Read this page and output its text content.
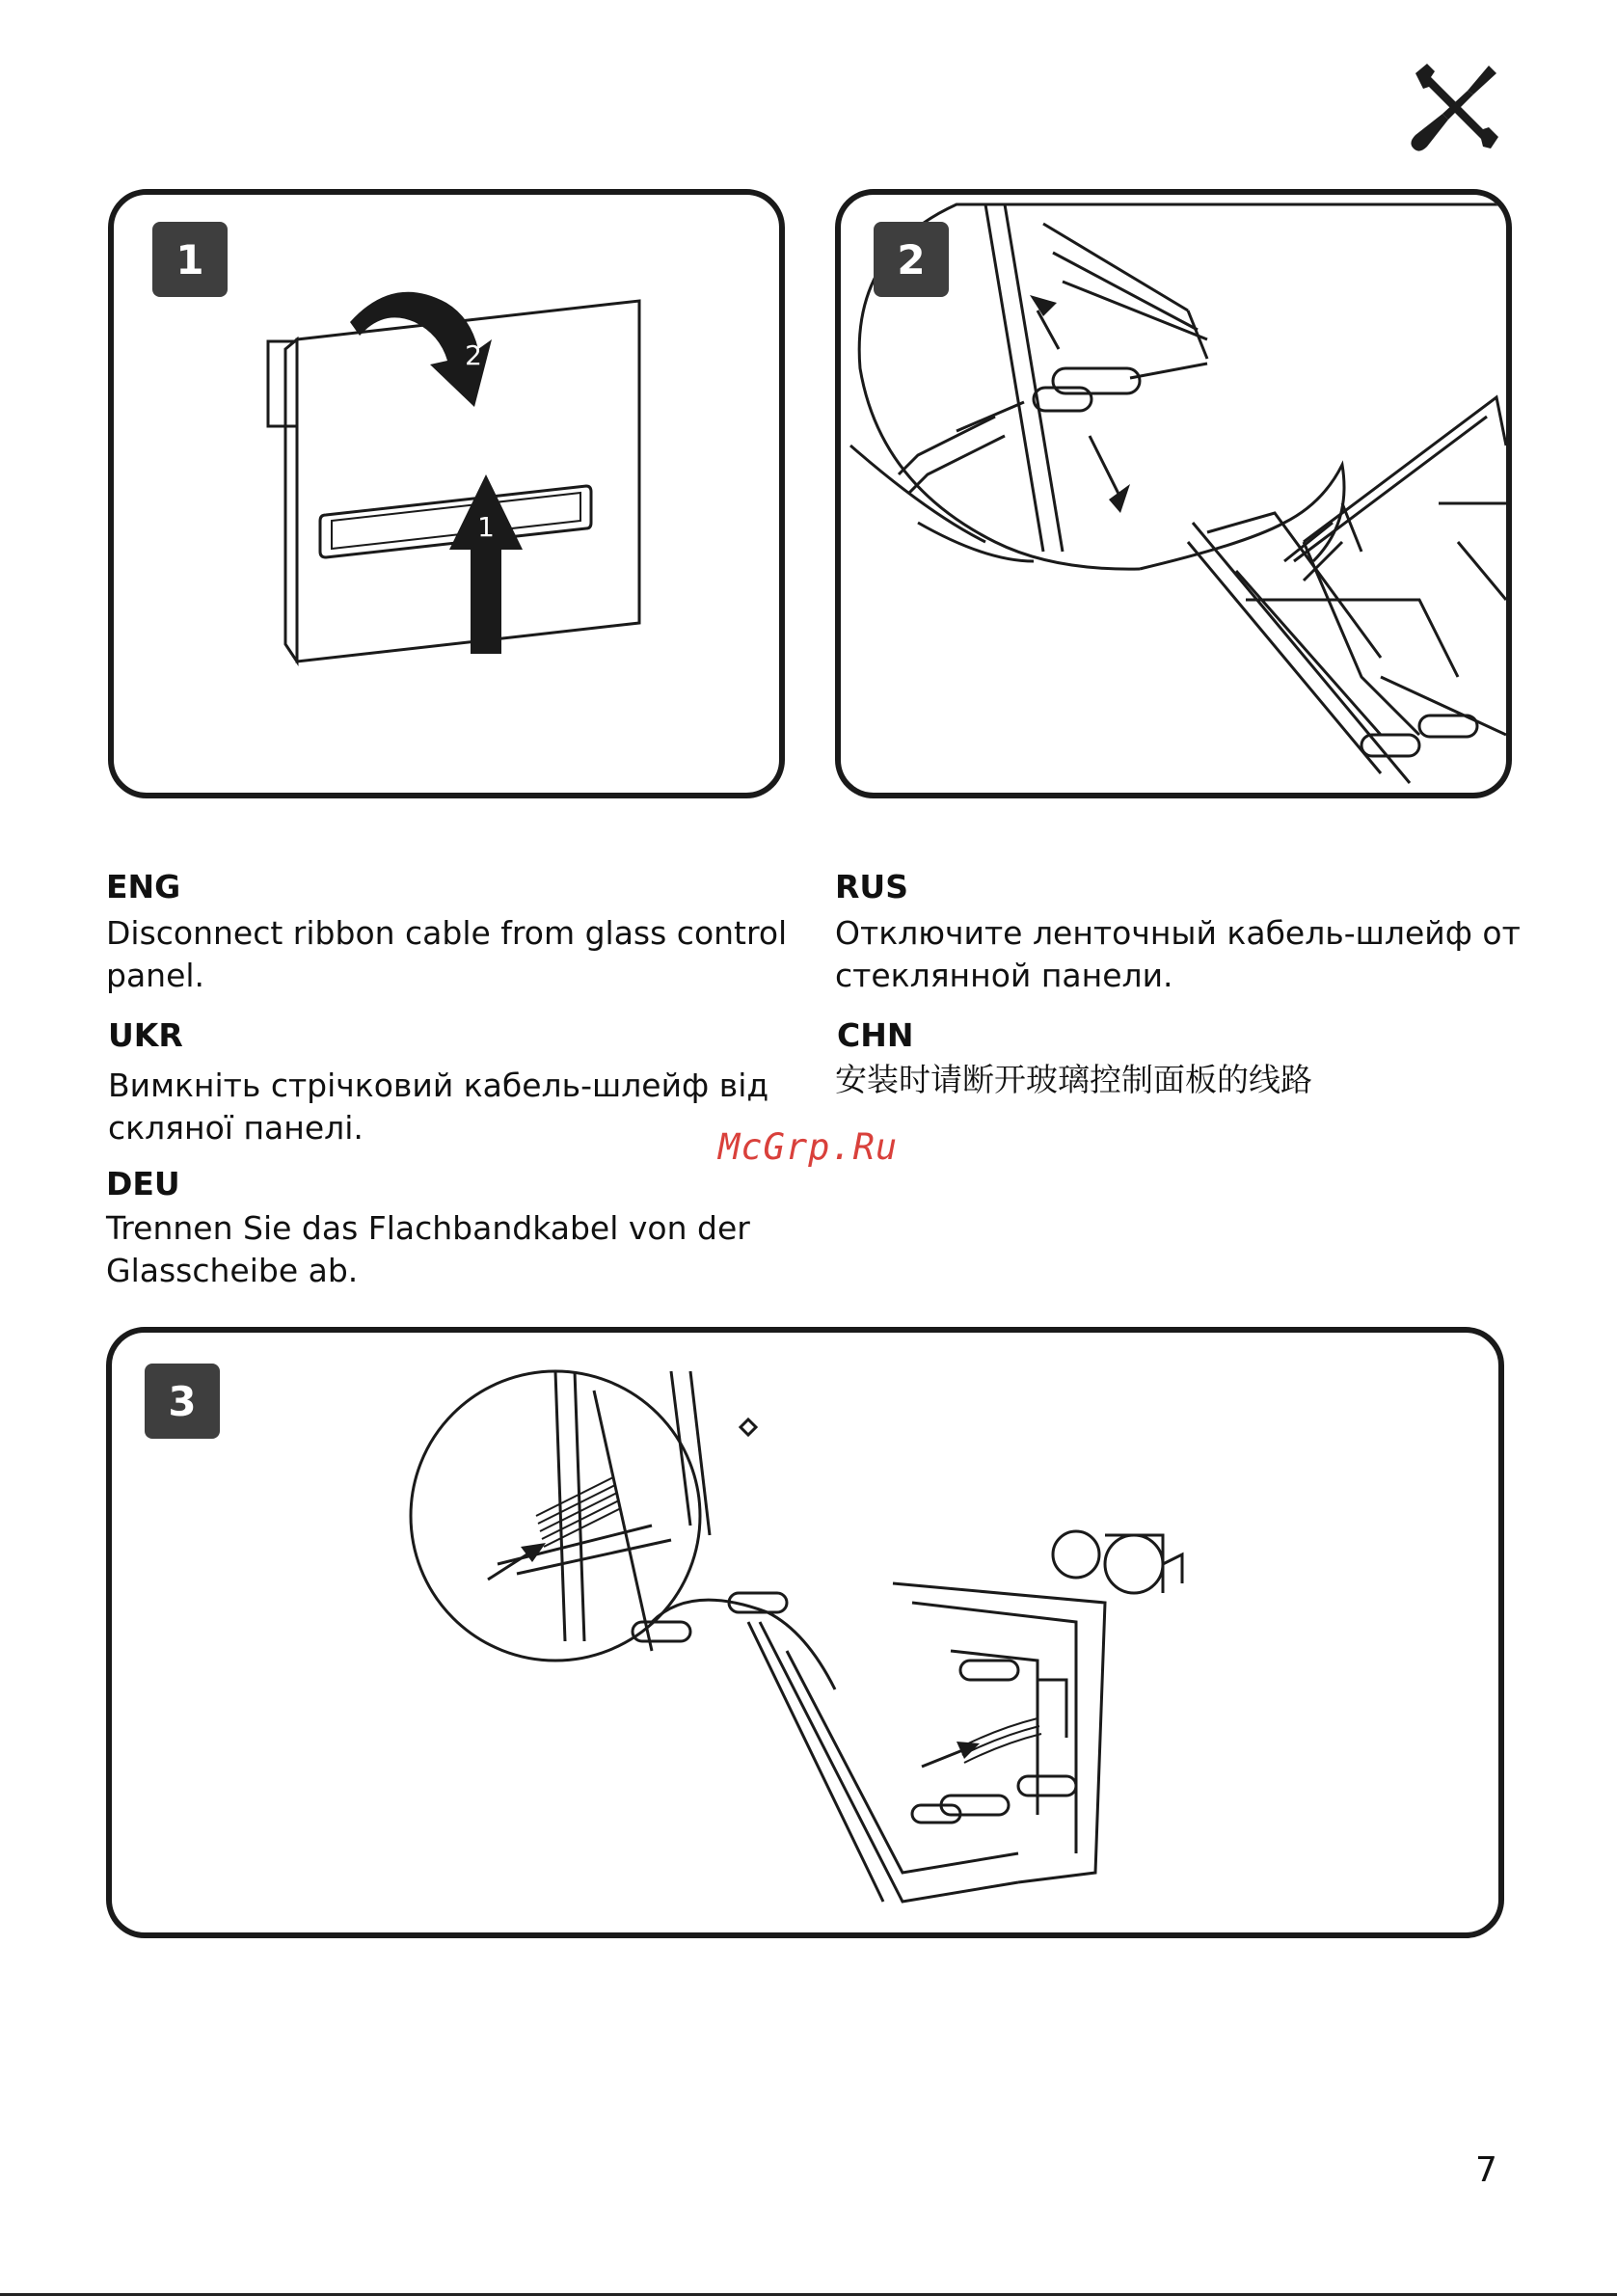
1
2
1
2

ENG

Disconnect ribbon cable from glass control
panel.

RUS

Отключите ленточный кабель-шлейф от
стеклянной панели.

UKR

Вимкніть стрічковий кабель-шлейф від
скляної панелі.

CHN

安装时请断开玻璃控制面板的线路

DEU

Trennen Sie das Flachbandkabel von der
Glasscheibe ab.

McGrp.Ru
3
7
